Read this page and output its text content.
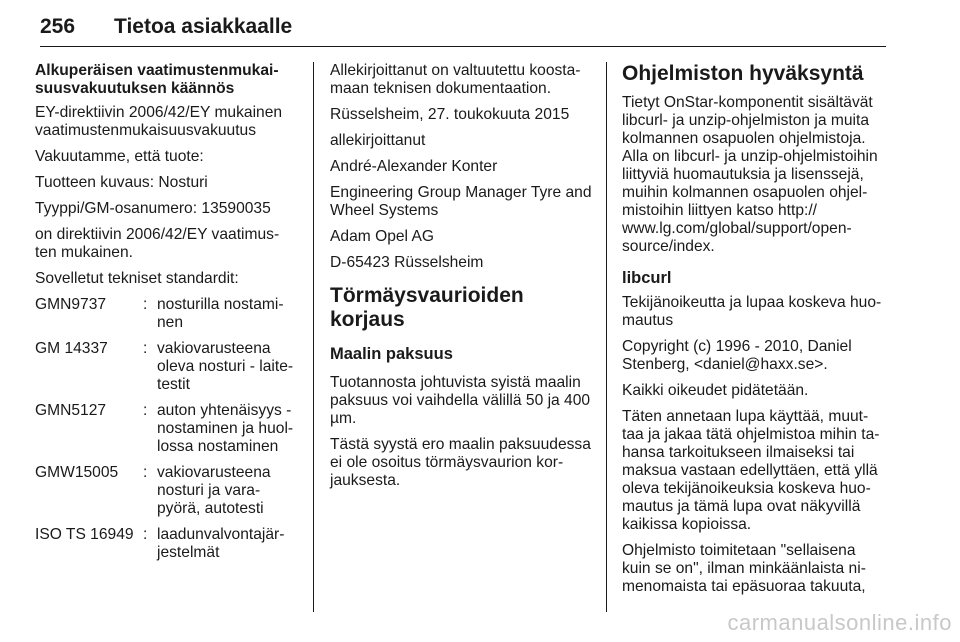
256	Tietoa asiakkaalle
Alkuperäisen vaatimustenmukai-
suusvakuutuksen käännös

EY-direktiivin 2006/42/EY mukainen vaatimustenmukaisuusvakuutus

Vakuutamme, että tuote:

Tuotteen kuvaus: Nosturi

Tyyppi/GM-osanumero: 13590035

on direktiivin 2006/42/EY vaatimus-ten mukainen.

Sovelletut tekniset standardit:

GMN9737	: nosturilla nostami-nen
GM 14337	: vakiovarusteena oleva nosturi - laite-testit
GMN5127	: auton yhtenäisyys - nostaminen ja huol-lossa nostaminen
GMW15005	: vakiovarusteena nosturi ja vara-pyörä, autotesti
ISO TS 16949 : laadunvalvontajär-jestelmät

Allekirjoittanut on valtuutettu koosta-maan teknisen dokumentaation.

Rüsselsheim, 27. toukokuuta 2015

allekirjoittanut

André-Alexander Konter

Engineering Group Manager Tyre and Wheel Systems

Adam Opel AG

D-65423 Rüsselsheim

Törmäysvaurioiden korjaus
Maalin paksuus

Tuotannosta johtuvista syistä maalin paksuus voi vaihdella välillä 50 ja 400 µm.

Tästä syystä ero maalin paksuudessa ei ole osoitus törmäysvaurion kor-jauksesta.

Ohjelmiston hyväksyntä

Tietyt OnStar-komponentit sisältävät libcurl- ja unzip-ohjelmiston ja muita kolmannen osapuolen ohjelmistoja. Alla on libcurl- ja unzip-ohjelmistoihin liittyviä huomautuksia ja lisenssejä, muihin kolmannen osapuolen ohjel-mistoihin liittyen katso http:// www.lg.com/global/support/open-source/index.

libcurl

Tekijänoikeutta ja lupaa koskeva huo-mautus

Copyright (c) 1996 - 2010, Daniel Stenberg, <daniel@haxx.se>.

Kaikki oikeudet pidätetään.

Täten annetaan lupa käyttää, muut-taa ja jakaa tätä ohjelmistoa mihin ta-hansa tarkoitukseen ilmaiseksi tai maksua vastaan edellyttäen, että yllä oleva tekijänoikeuksia koskeva huo-mautus ja tämä lupa ovat näkyvillä kaikissa kopioissa.

Ohjelmisto toimitetaan "sellaisena kuin se on", ilman minkäänlaista ni-menomaista tai epäsuoraa takuuta,

carmanualsonline.info
